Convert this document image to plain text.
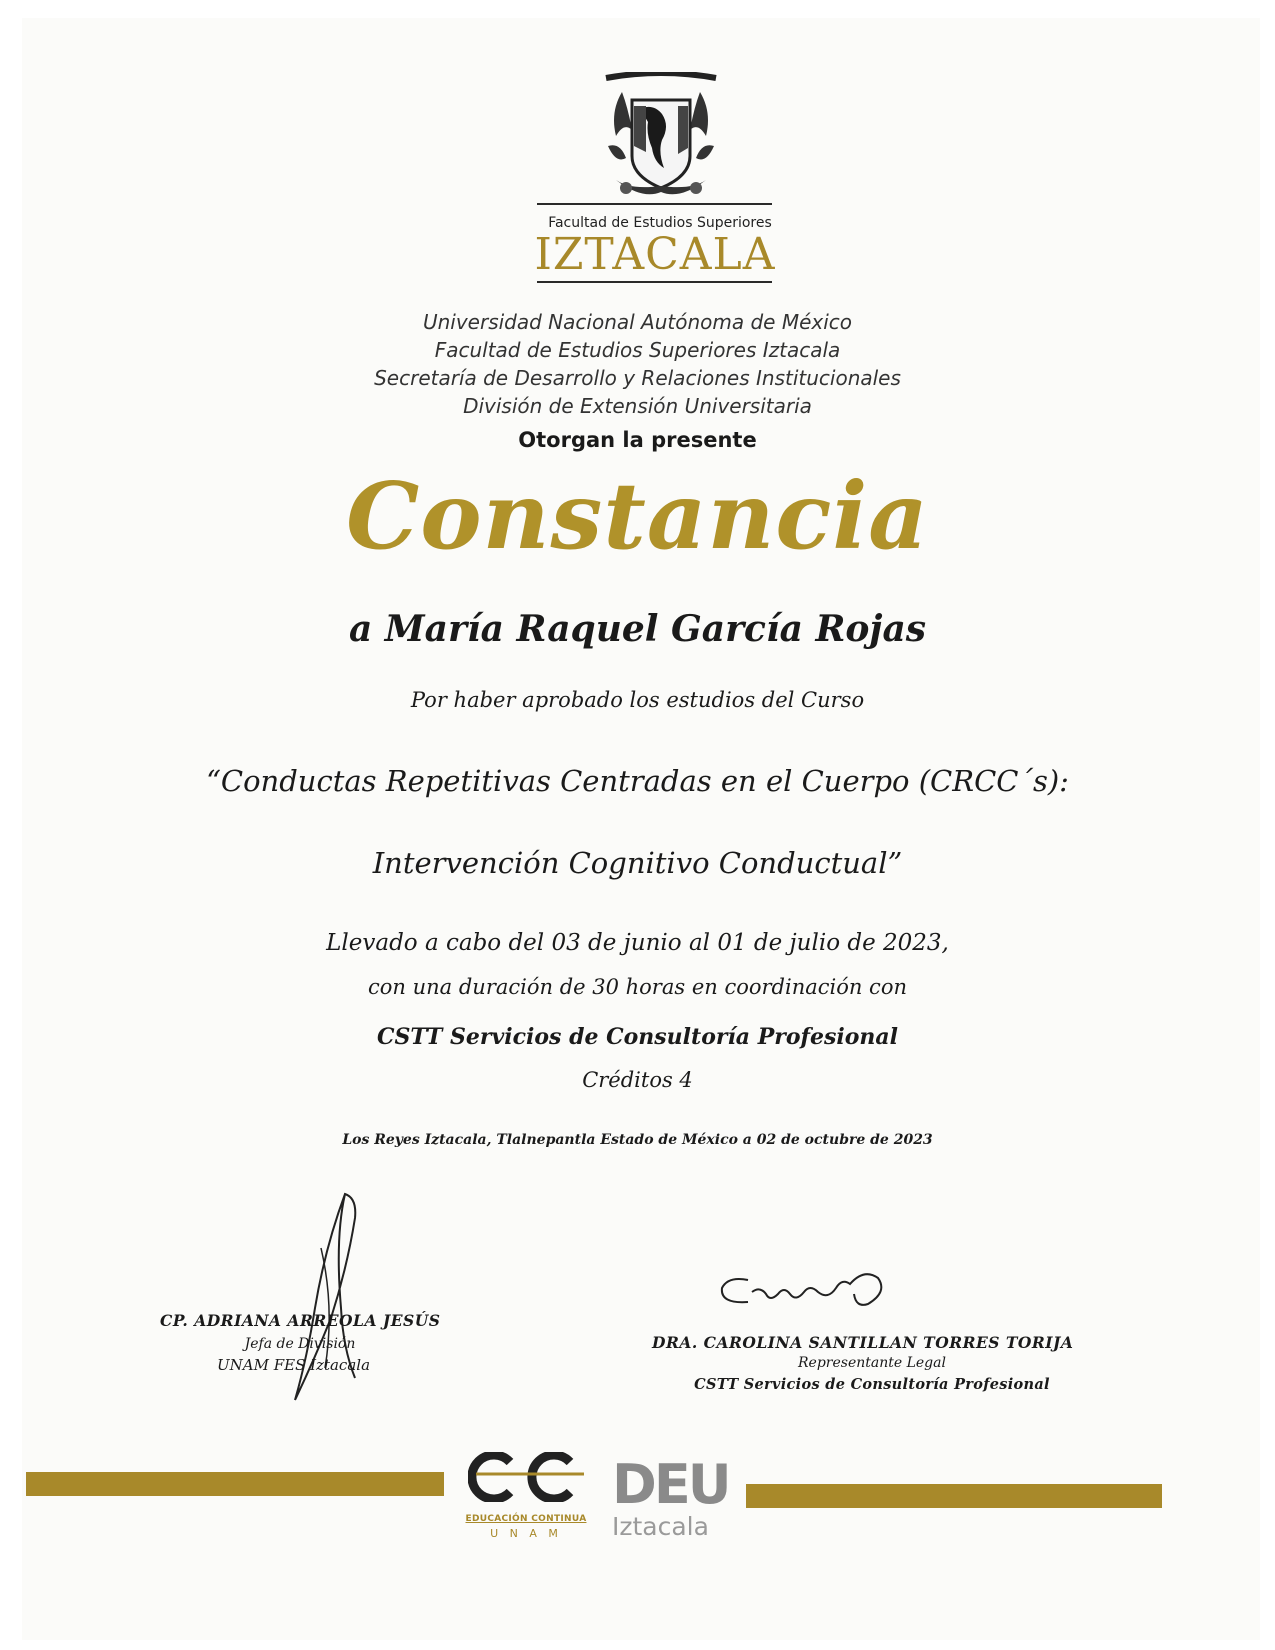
Facultad de Estudios Superiores
IZTACALA
Universidad Nacional Autónoma de México
Facultad de Estudios Superiores Iztacala
Secretaría de Desarrollo y Relaciones Institucionales
División de Extensión Universitaria
Otorgan la presente
Constancia
a María Raquel García Rojas
Por haber aprobado los estudios del Curso
“Conductas Repetitivas Centradas en el Cuerpo (CRCC´s):
Intervención Cognitivo Conductual”
Llevado a cabo del 03 de junio al 01 de julio de 2023,
con una duración de 30 horas en coordinación con
CSTT Servicios de Consultoría Profesional
Créditos 4
Los Reyes Iztacala, Tlalnepantla Estado de México a 02 de octubre de 2023
CP. ADRIANA ARREOLA JESÚS
Jefa de División
UNAM FES Iztacala
DRA. CAROLINA SANTILLAN TORRES TORIJA
Representante Legal
CSTT Servicios de Consultoría Profesional
EDUCACIÓN CONTINUA
U N A M
DEU
Iztacala
